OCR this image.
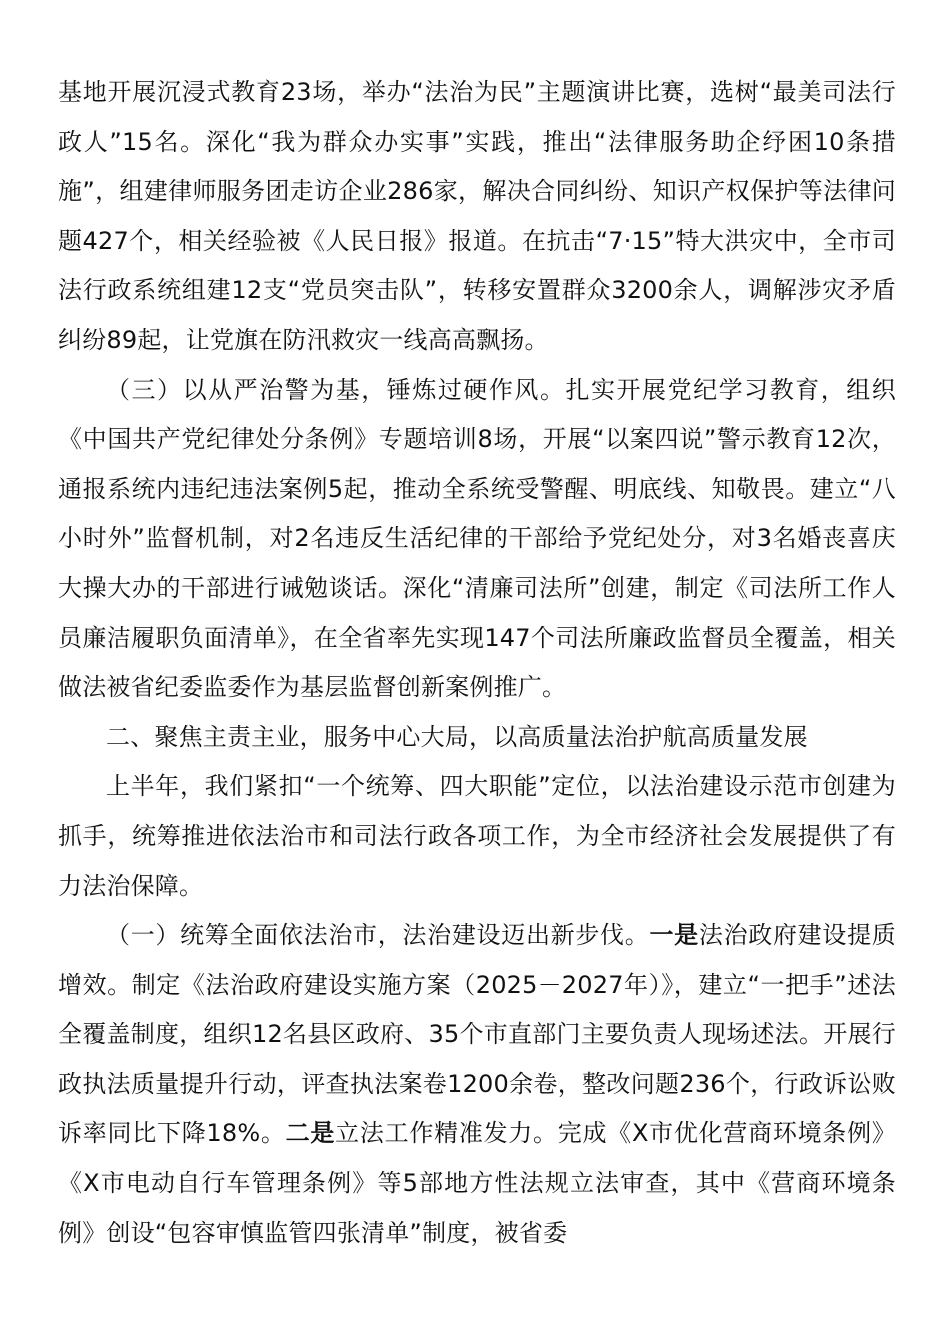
基地开展沉浸式教育23场，举办“法治为民”主题演讲比赛，选树“最美司法行政人”15名。深化“我为群众办实事”实践，推出“法律服务助企纾困10条措施”，组建律师服务团走访企业286家，解决合同纠纷、知识产权保护等法律问题427个，相关经验被《人民日报》报道。在抗击“7·15”特大洪灾中，全市司法行政系统组建12支“党员突击队”，转移安置群众3200余人，调解涉灾矛盾纠纷89起，让党旗在防汛救灾一线高高飘扬。

（三）以从严治警为基，锤炼过硬作风。扎实开展党纪学习教育，组织《中国共产党纪律处分条例》专题培训8场，开展“以案四说”警示教育12次，通报系统内违纪违法案例5起，推动全系统受警醒、明底线、知敬畏。建立“八小时外”监督机制，对2名违反生活纪律的干部给予党纪处分，对3名婚丧喜庆大操大办的干部进行诫勉谈话。深化“清廉司法所”创建，制定《司法所工作人员廉洁履职负面清单》，在全省率先实现147个司法所廉政监督员全覆盖，相关做法被省纪委监委作为基层监督创新案例推广。

二、聚焦主责主业，服务中心大局，以高质量法治护航高质量发展

上半年，我们紧扣“一个统筹、四大职能”定位，以法治建设示范市创建为抓手，统筹推进依法治市和司法行政各项工作，为全市经济社会发展提供了有力法治保障。

（一）统筹全面依法治市，法治建设迈出新步伐。一是法治政府建设提质增效。制定《法治政府建设实施方案（2025－2027年）》，建立“一把手”述法全覆盖制度，组织12名县区政府、35个市直部门主要负责人现场述法。开展行政执法质量提升行动，评查执法案卷1200余卷，整改问题236个，行政诉讼败诉率同比下降18%。二是立法工作精准发力。完成《X市优化营商环境条例》《X市电动自行车管理条例》等5部地方性法规立法审查，其中《营商环境条例》创设“包容审慎监管四张清单”制度，被省委
